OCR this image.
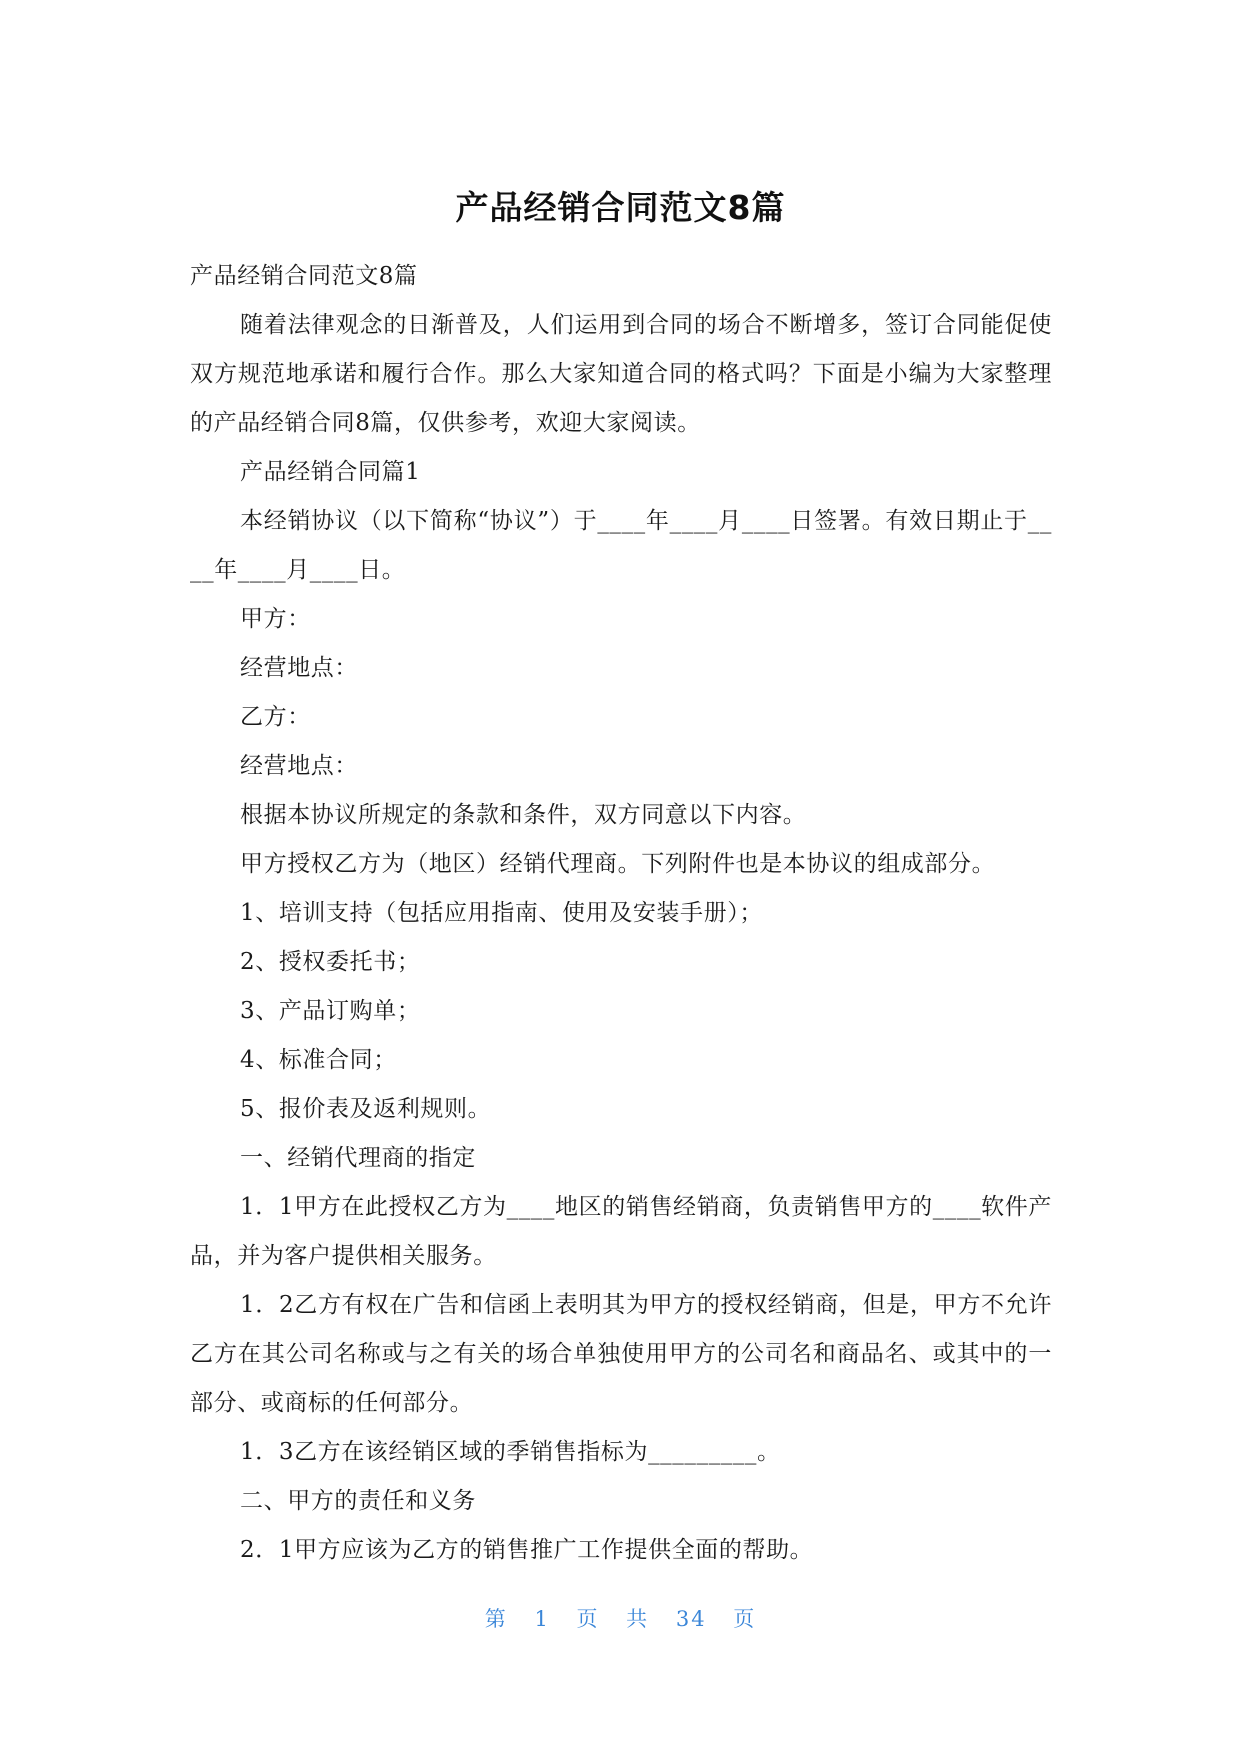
产品经销合同范文8篇

产品经销合同范文8篇

随着法律观念的日渐普及，人们运用到合同的场合不断增多，签订合同能促使双方规范地承诺和履行合作。那么大家知道合同的格式吗？下面是小编为大家整理的产品经销合同8篇，仅供参考，欢迎大家阅读。

产品经销合同篇1

本经销协议（以下简称“协议”）于____年____月____日签署。有效日期止于____年____月____日。

甲方：

经营地点：

乙方：

经营地点：

根据本协议所规定的条款和条件，双方同意以下内容。

甲方授权乙方为（地区）经销代理商。下列附件也是本协议的组成部分。

1、培训支持（包括应用指南、使用及安装手册）；

2、授权委托书；

3、产品订购单；

4、标准合同；

5、报价表及返利规则。

一、经销代理商的指定

1．1甲方在此授权乙方为____地区的销售经销商，负责销售甲方的____软件产品，并为客户提供相关服务。

1．2乙方有权在广告和信函上表明其为甲方的授权经销商，但是，甲方不允许乙方在其公司名称或与之有关的场合单独使用甲方的公司名和商品名、或其中的一部分、或商标的任何部分。

1．3乙方在该经销区域的季销售指标为_________。

二、甲方的责任和义务

2．1甲方应该为乙方的销售推广工作提供全面的帮助。

第 1 页 共 34 页
